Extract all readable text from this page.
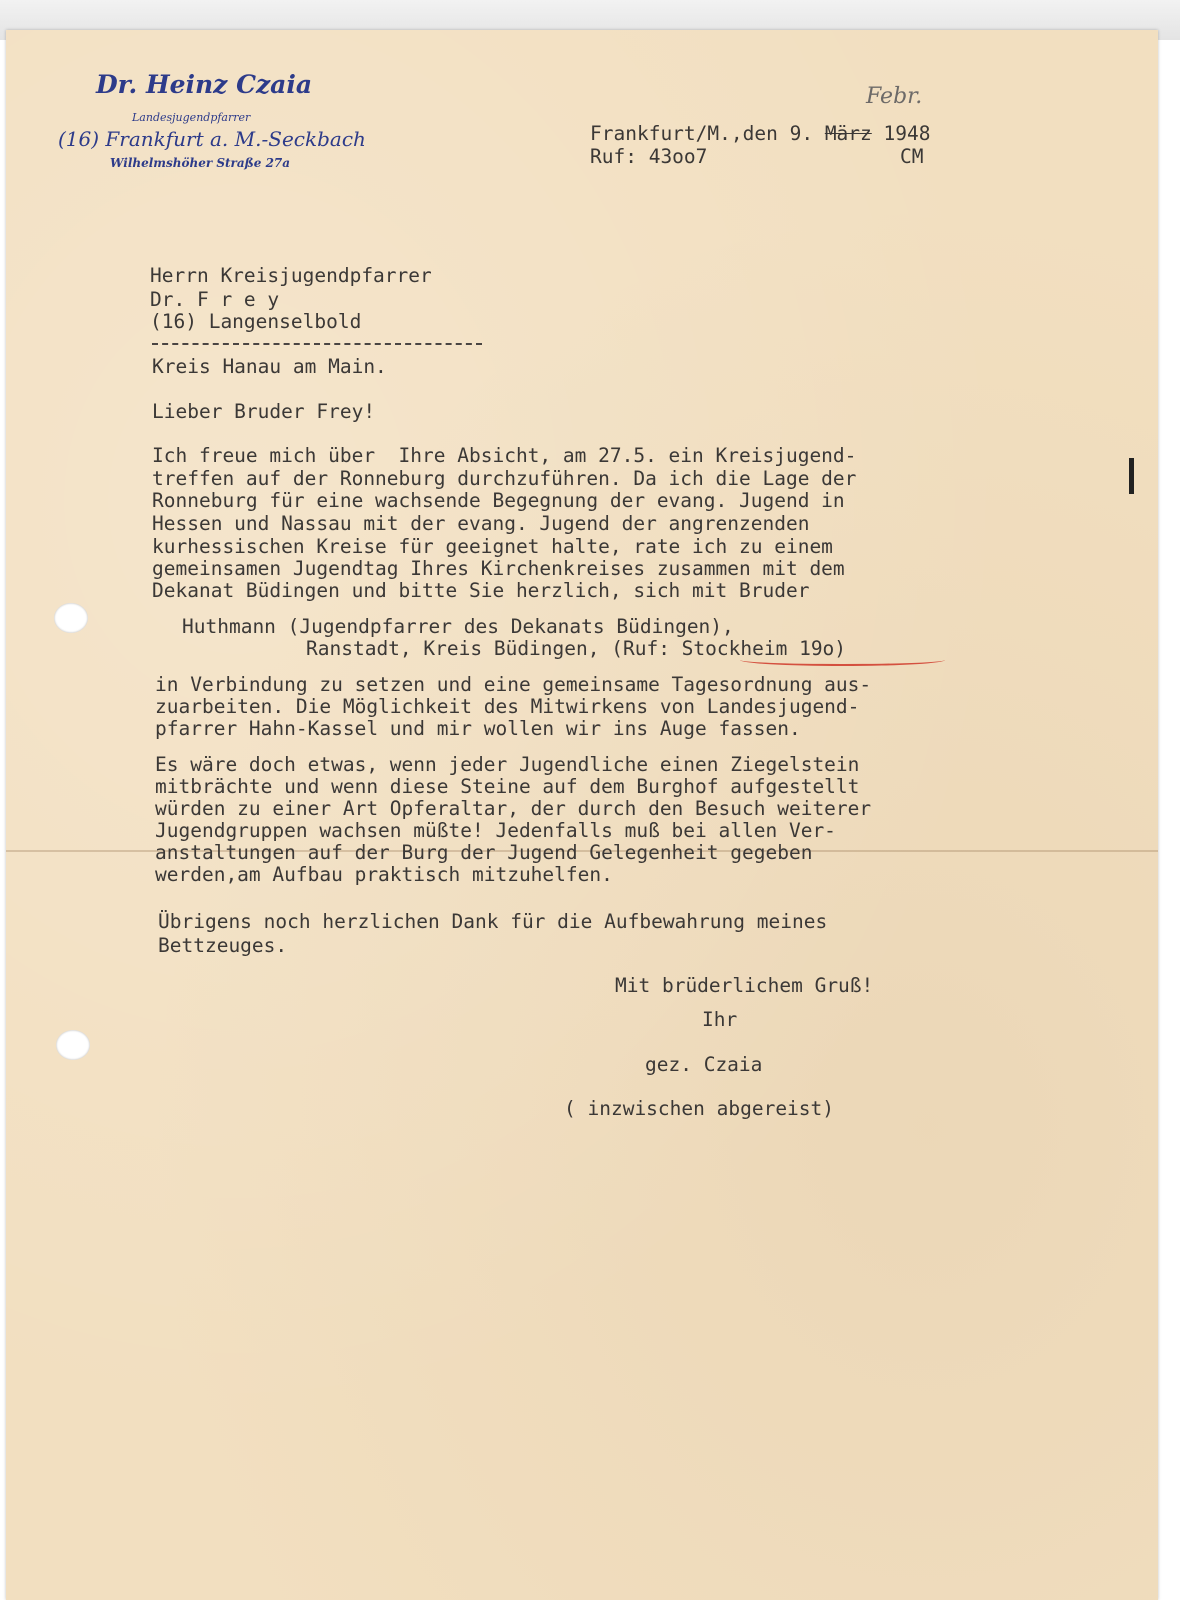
Dr. Heinz Czaia
Landesjugendpfarrer
(16) Frankfurt a. M.-Seckbach
Wilhelmshöher Straße 27a
Frankfurt/M.,den 9. März 1948
Febr.
Ruf: 43oo7	CM
Herrn Kreisjugendpfarrer
Dr. F r e y
(16) Langenselbold
Kreis Hanau am Main.
Lieber Bruder Frey!
Ich freue mich über  Ihre Absicht, am 27.5. ein Kreisjugend-
treffen auf der Ronneburg durchzuführen. Da ich die Lage der
Ronneburg für eine wachsende Begegnung der evang. Jugend in
Hessen und Nassau mit der evang. Jugend der angrenzenden
kurhessischen Kreise für geeignet halte, rate ich zu einem
gemeinsamen Jugendtag Ihres Kirchenkreises zusammen mit dem
Dekanat Büdingen und bitte Sie herzlich, sich mit Bruder
Huthmann (Jugendpfarrer des Dekanats Büdingen),
Ranstadt, Kreis Büdingen, (Ruf: Stockheim 19o)
in Verbindung zu setzen und eine gemeinsame Tagesordnung aus-
zuarbeiten. Die Möglichkeit des Mitwirkens von Landesjugend-
pfarrer Hahn-Kassel und mir wollen wir ins Auge fassen.
Es wäre doch etwas, wenn jeder Jugendliche einen Ziegelstein
mitbrächte und wenn diese Steine auf dem Burghof aufgestellt
würden zu einer Art Opferaltar, der durch den Besuch weiterer
Jugendgruppen wachsen müßte! Jedenfalls muß bei allen Ver-
anstaltungen auf der Burg der Jugend Gelegenheit gegeben
werden,am Aufbau praktisch mitzuhelfen.
Übrigens noch herzlichen Dank für die Aufbewahrung meines
Bettzeuges.
Mit brüderlichem Gruß!
Ihr
gez. Czaia
( inzwischen abgereist)
